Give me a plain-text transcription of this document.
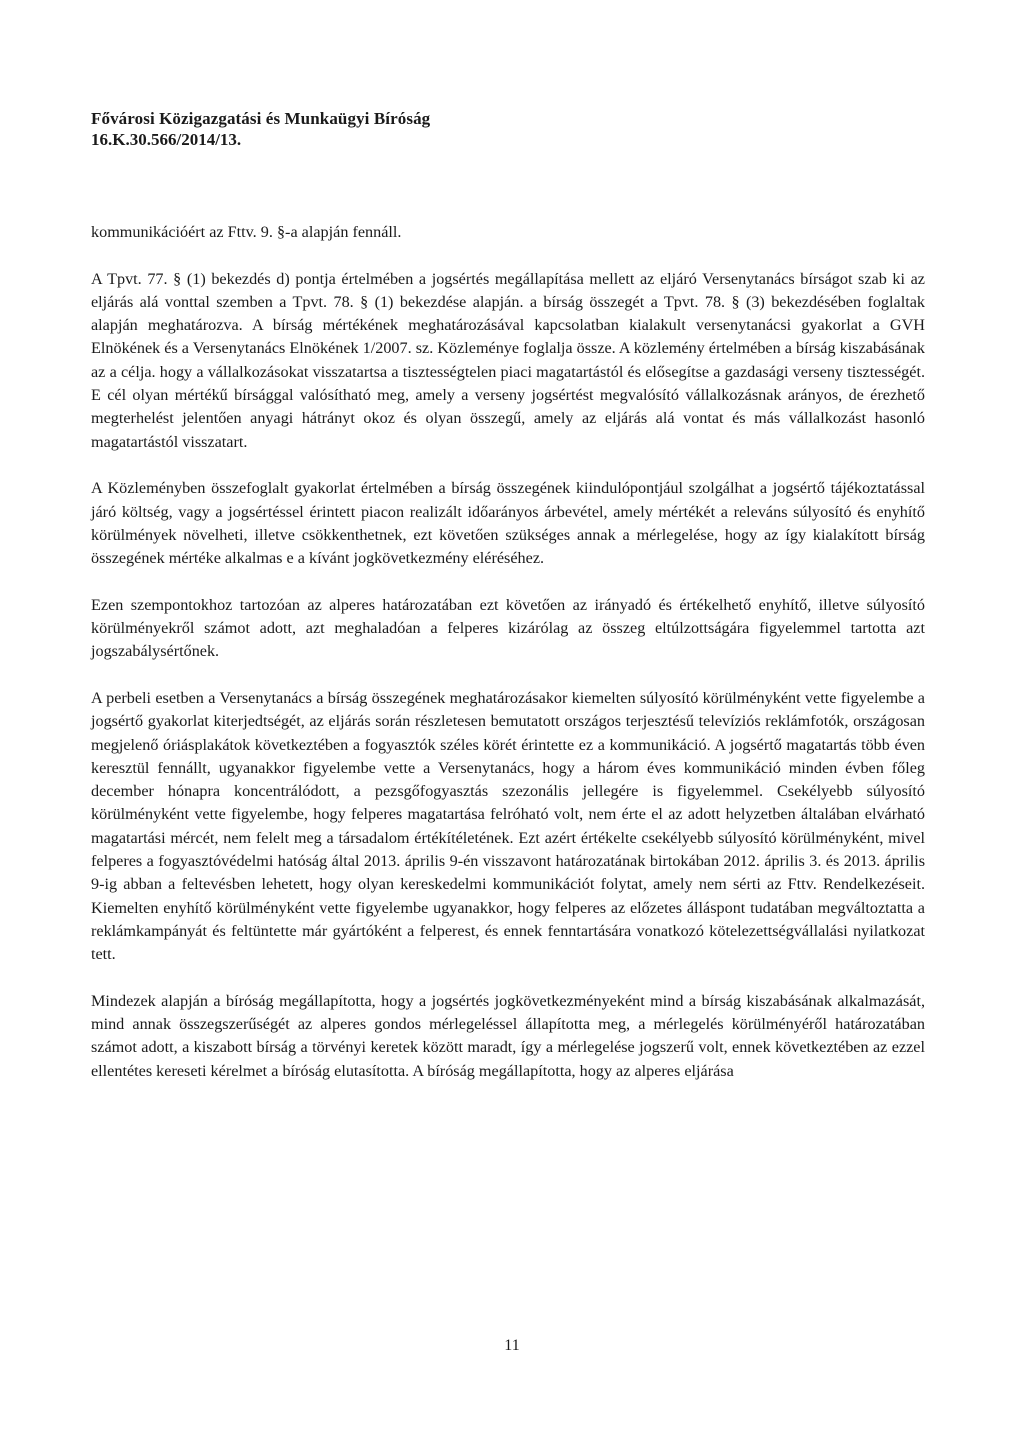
Fővárosi Közigazgatási és Munkaügyi Bíróság
16.K.30.566/2014/13.

kommunikációért az Fttv. 9. §-a alapján fennáll.

A Tpvt. 77. § (1) bekezdés d) pontja értelmében a jogsértés megállapítása mellett az eljáró Versenytanács bírságot szab ki az eljárás alá vonttal szemben a Tpvt. 78. § (1) bekezdése alapján. a bírság összegét a Tpvt. 78. § (3) bekezdésében foglaltak alapján meghatározva. A bírság mértékének meghatározásával kapcsolatban kialakult versenytanácsi gyakorlat a GVH Elnökének és a Versenytanács Elnökének 1/2007. sz. Közleménye foglalja össze. A közlemény értelmében a bírság kiszabásának az a célja. hogy a vállalkozásokat visszatartsa a tisztességtelen piaci magatartástól és elősegítse a gazdasági verseny tisztességét. E cél olyan mértékű bírsággal valósítható meg, amely a verseny jogsértést megvalósító vállalkozásnak arányos, de érezhető megterhelést jelentően anyagi hátrányt okoz és olyan összegű, amely az eljárás alá vontat és más vállalkozást hasonló magatartástól visszatart.

A Közleményben összefoglalt gyakorlat értelmében a bírság összegének kiindulópontjául szolgálhat a jogsértő tájékoztatással járó költség, vagy a jogsértéssel érintett piacon realizált időarányos árbevétel, amely mértékét a releváns súlyosító és enyhítő körülmények növelheti, illetve csökkenthetnek, ezt követően szükséges annak a mérlegelése, hogy az így kialakított bírság összegének mértéke alkalmas e a kívánt jogkövetkezmény eléréséhez.

Ezen szempontokhoz tartozóan az alperes határozatában ezt követően az irányadó és értékelhető enyhítő, illetve súlyosító körülményekről számot adott, azt meghaladóan a felperes kizárólag az összeg eltúlzottságára figyelemmel tartotta azt jogszabálysértőnek.

A perbeli esetben a Versenytanács a bírság összegének meghatározásakor kiemelten súlyosító körülményként vette figyelembe a jogsértő gyakorlat kiterjedtségét, az eljárás során részletesen bemutatott országos terjesztésű televíziós reklámfotók, országosan megjelenő óriásplakátok következtében a fogyasztók széles körét érintette ez a kommunikáció. A jogsértő magatartás több éven keresztül fennállt, ugyanakkor figyelembe vette a Versenytanács, hogy a három éves kommunikáció minden évben főleg december hónapra koncentrálódott, a pezsgőfogyasztás szezonális jellegére is figyelemmel. Csekélyebb súlyosító körülményként vette figyelembe, hogy felperes magatartása felróható volt, nem érte el az adott helyzetben általában elvárható magatartási mércét, nem felelt meg a társadalom értékítéletének. Ezt azért értékelte csekélyebb súlyosító körülményként, mivel felperes a fogyasztóvédelmi hatóság által 2013. április 9-én visszavont határozatának birtokában 2012. április 3. és 2013. április 9-ig abban a feltevésben lehetett, hogy olyan kereskedelmi kommunikációt folytat, amely nem sérti az Fttv. Rendelkezéseit. Kiemelten enyhítő körülményként vette figyelembe ugyanakkor, hogy felperes az előzetes álláspont tudatában megváltoztatta a reklámkampányát és feltüntette már gyártóként a felperest, és ennek fenntartására vonatkozó kötelezettségvállalási nyilatkozat tett.

Mindezek alapján a bíróság megállapította, hogy a jogsértés jogkövetkezményeként mind a bírság kiszabásának alkalmazását, mind annak összegszerűségét az alperes gondos mérlegeléssel állapította meg, a mérlegelés körülményéről határozatában számot adott, a kiszabott bírság a törvényi keretek között maradt, így a mérlegelése jogszerű volt, ennek következtében az ezzel ellentétes kereseti kérelmet a bíróság elutasította. A bíróság megállapította, hogy az alperes eljárása

11
